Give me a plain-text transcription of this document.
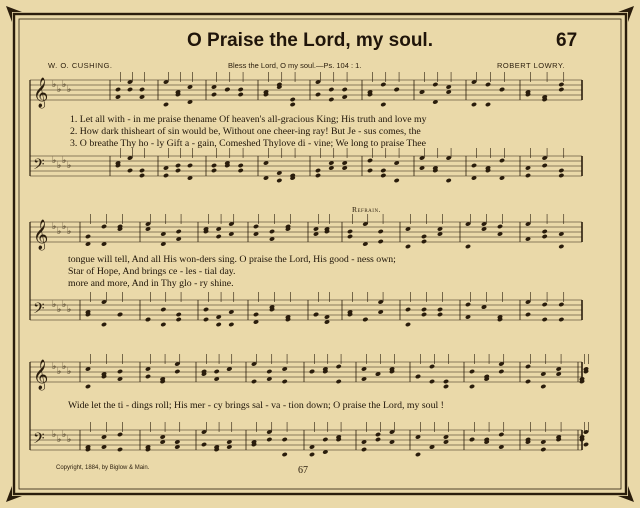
𝄞 ♭ ♭ ♭ ♭
𝄢 ♭ ♭ ♭ ♭
𝄞 ♭ ♭ ♭ ♭
𝄢 ♭ ♭ ♭ ♭
𝄞 ♭ ♭ ♭ ♭
𝄢 ♭ ♭ ♭ ♭
O Praise the Lord, my soul.	67
W. O. CUSHING.	Bless the Lord, O my soul.—Ps. 104 : 1.	ROBERT LOWRY.
Refrain.
1. Let all with - in me praise thename Of heaven's all-gracious King; His truth and love my
2. How dark thisheart of sin would be, Without one cheer-ing ray! But Je - sus comes, the
3. O breathe Thy ho - ly Gift a - gain, Comeshed Thylove di - vine; We long to praise Thee
tongue will tell, And all His won-ders sing. O praise the Lord, His good - ness own;
Star of Hope, And brings ce - les - tial day.
more and more, And in Thy glo - ry shine.
Wide let the ti - dings roll; His mer - cy brings sal - va - tion down; O praise the Lord, my soul !
Copyright, 1884, by Biglow & Main.	67
